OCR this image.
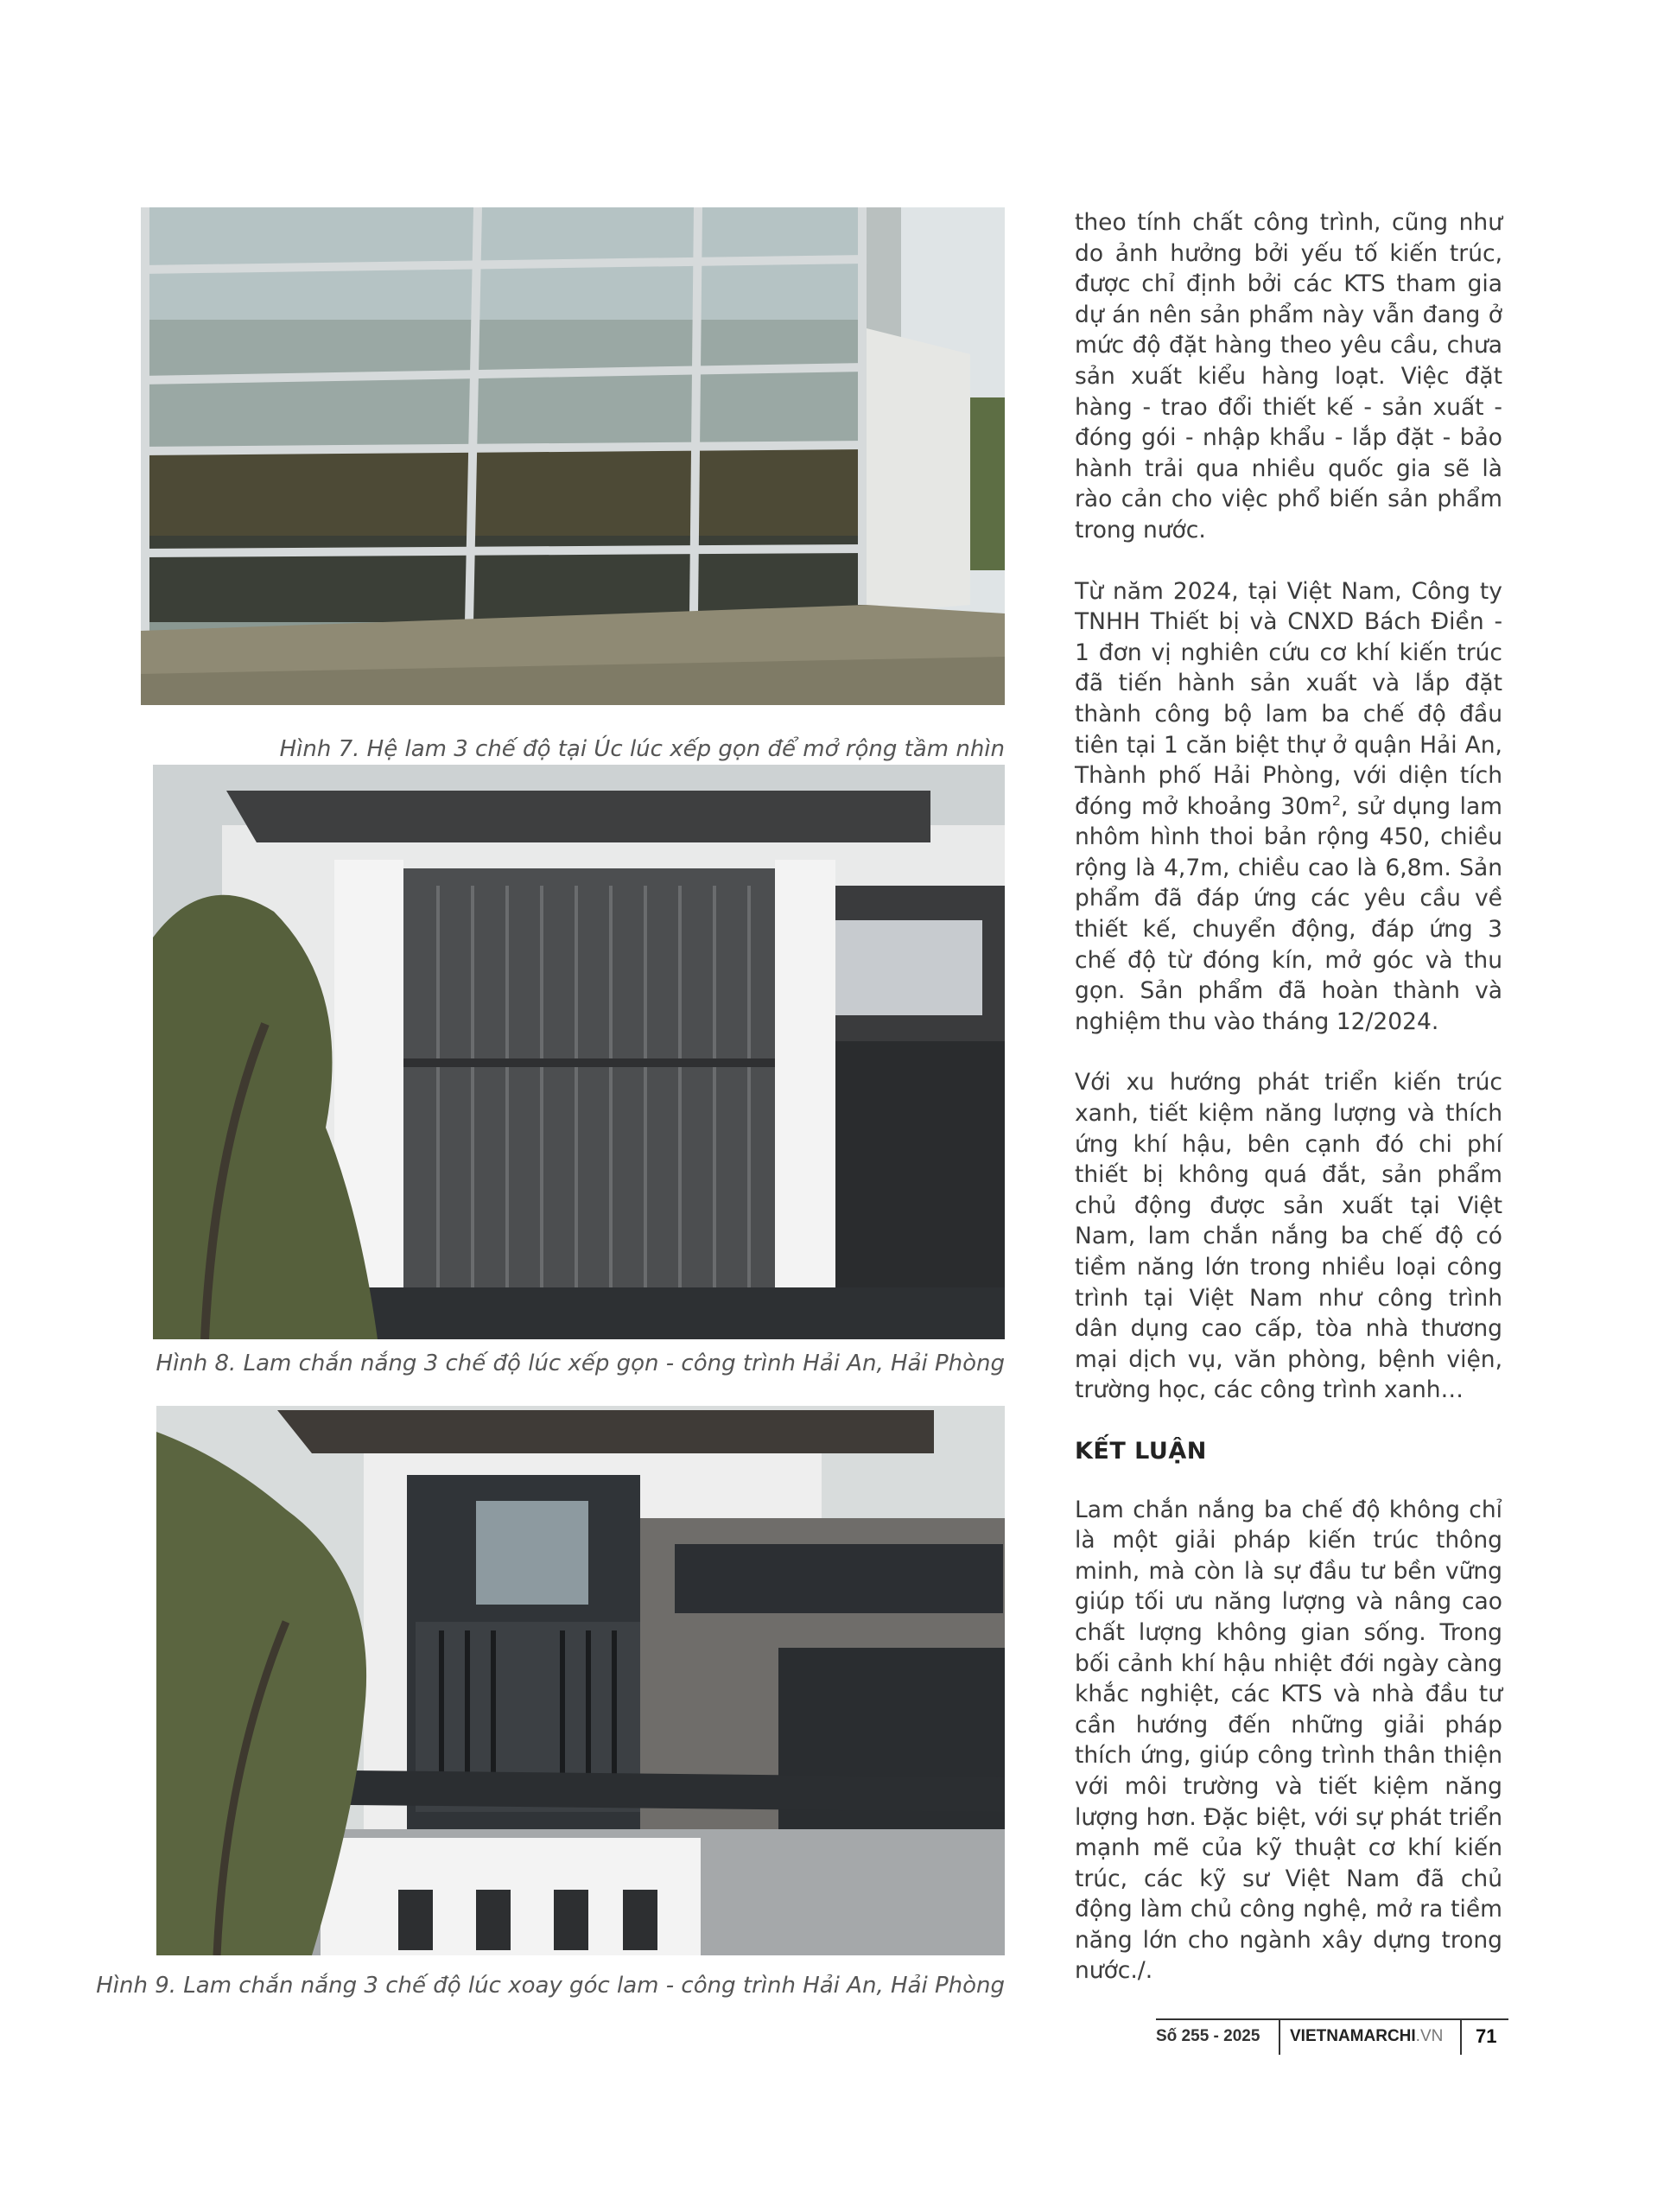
Hình 7. Hệ lam 3 chế độ tại Úc lúc xếp gọn để mở rộng tầm nhìn
Hình 8. Lam chắn nắng 3 chế độ lúc xếp gọn - công trình Hải An, Hải Phòng
Hình 9. Lam chắn nắng 3 chế độ lúc xoay góc lam - công trình Hải An, Hải Phòng

theo tính chất công trình, cũng như do ảnh hưởng bởi yếu tố kiến trúc, được chỉ định bởi các KTS tham gia dự án nên sản phẩm này vẫn đang ở mức độ đặt hàng theo yêu cầu, chưa sản xuất kiểu hàng loạt. Việc đặt hàng - trao đổi thiết kế - sản xuất - đóng gói - nhập khẩu - lắp đặt - bảo hành trải qua nhiều quốc gia sẽ là rào cản cho việc phổ biến sản phẩm trong nước.

Từ năm 2024, tại Việt Nam, Công ty TNHH Thiết bị và CNXD Bách Điền - 1 đơn vị nghiên cứu cơ khí kiến trúc đã tiến hành sản xuất và lắp đặt thành công bộ lam ba chế độ đầu tiên tại 1 căn biệt thự ở quận Hải An, Thành phố Hải Phòng, với diện tích đóng mở khoảng $30m^2$, sử dụng lam nhôm hình thoi bản rộng 450, chiều rộng là 4,7m, chiều cao là 6,8m. Sản phẩm đã đáp ứng các yêu cầu về thiết kế, chuyển động, đáp ứng 3 chế độ từ đóng kín, mở góc và thu gọn. Sản phẩm đã hoàn thành và nghiệm thu vào tháng 12/2024.

Với xu hướng phát triển kiến trúc xanh, tiết kiệm năng lượng và thích ứng khí hậu, bên cạnh đó chi phí thiết bị không quá đắt, sản phẩm chủ động được sản xuất tại Việt Nam, lam chắn nắng ba chế độ có tiềm năng lớn trong nhiều loại công trình tại Việt Nam như công trình dân dụng cao cấp, tòa nhà thương mại dịch vụ, văn phòng, bệnh viện, trường học, các công trình xanh…

KẾT LUẬN

Lam chắn nắng ba chế độ không chỉ là một giải pháp kiến trúc thông minh, mà còn là sự đầu tư bền vững giúp tối ưu năng lượng và nâng cao chất lượng không gian sống. Trong bối cảnh khí hậu nhiệt đới ngày càng khắc nghiệt, các KTS và nhà đầu tư cần hướng đến những giải pháp thích ứng, giúp công trình thân thiện với môi trường và tiết kiệm năng lượng hơn. Đặc biệt, với sự phát triển mạnh mẽ của kỹ thuật cơ khí kiến trúc, các kỹ sư Việt Nam đã chủ động làm chủ công nghệ, mở ra tiềm năng lớn cho ngành xây dựng trong nước./.

Số 255 - 2025 VIETNAMARCHI.VN 71
